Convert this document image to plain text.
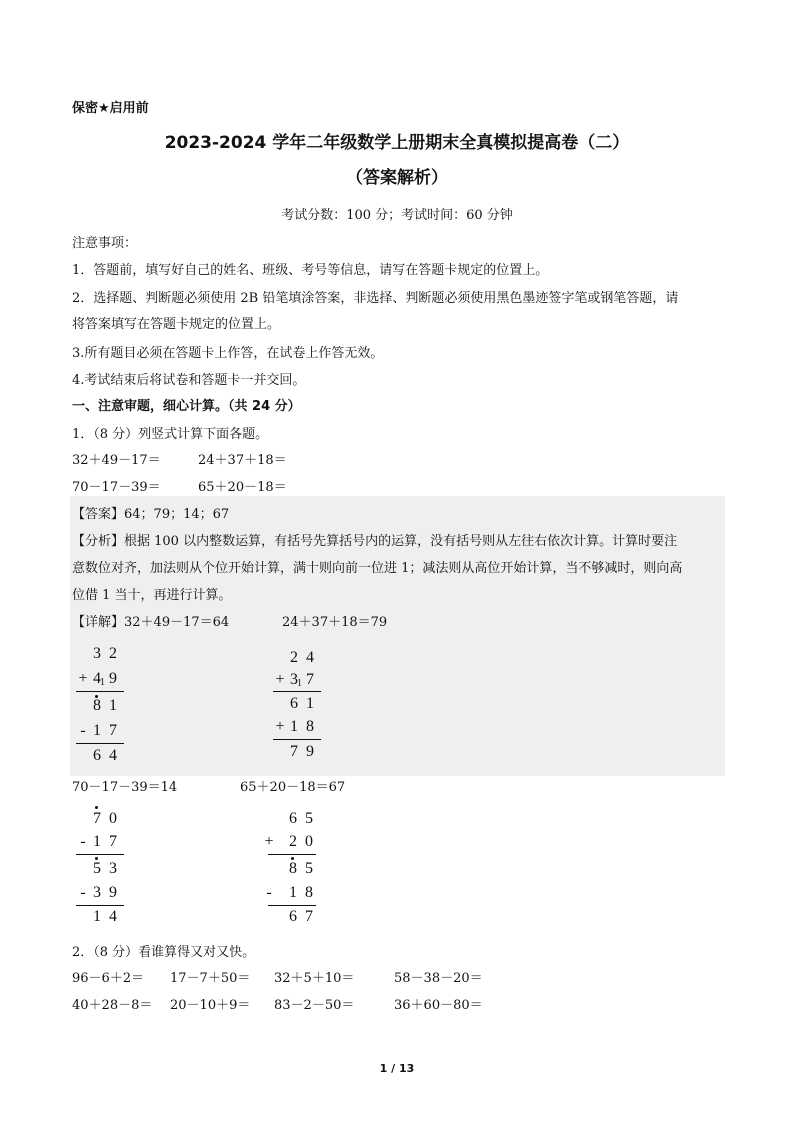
保密★启用前
2023-2024 学年二年级数学上册期末全真模拟提高卷（二）
（答案解析）
考试分数：100 分；考试时间：60 分钟
注意事项：
1．答题前，填写好自己的姓名、班级、考号等信息，请写在答题卡规定的位置上。
2．选择题、判断题必须使用 2B 铅笔填涂答案，非选择、判断题必须使用黑色墨迹签字笔或钢笔答题，请
将答案填写在答题卡规定的位置上。
3.所有题目必须在答题卡上作答，在试卷上作答无效。
4.考试结束后将试卷和答题卡一并交回。
一、注意审题，细心计算。（共 24 分）
1．（8 分）列竖式计算下面各题。
32＋49－17＝	24＋37＋18＝
70－17－39＝	65＋20－18＝
【答案】64；79；14；67
【分析】根据 100 以内整数运算，有括号先算括号内的运算，没有括号则从左往右依次计算。计算时要注
意数位对齐，加法则从个位开始计算，满十则向前一位进 1；减法则从高位开始计算，当不够减时，则向高
位借 1 当十，再进行计算。
【详解】32＋49－17＝64	24＋37＋18＝79
3 2
+ 4 9
1
8 1
- 1 7
6 4
2 4
+ 3 7
1
6 1
+ 1 8
7 9
70－17－39＝14	65＋20－18＝67
7 0
- 1 7
5 3
- 3 9
1 4
6 5
+ 2 0
8 5
- 1 8
6 7
2．（8 分）看谁算得又对又快。
96－6＋2＝ 17－7＋50＝ 32＋5＋10＝	58－38－20＝
40＋28－8＝ 20－10＋9＝ 83－2－50＝	36＋60－80＝
1 / 13
